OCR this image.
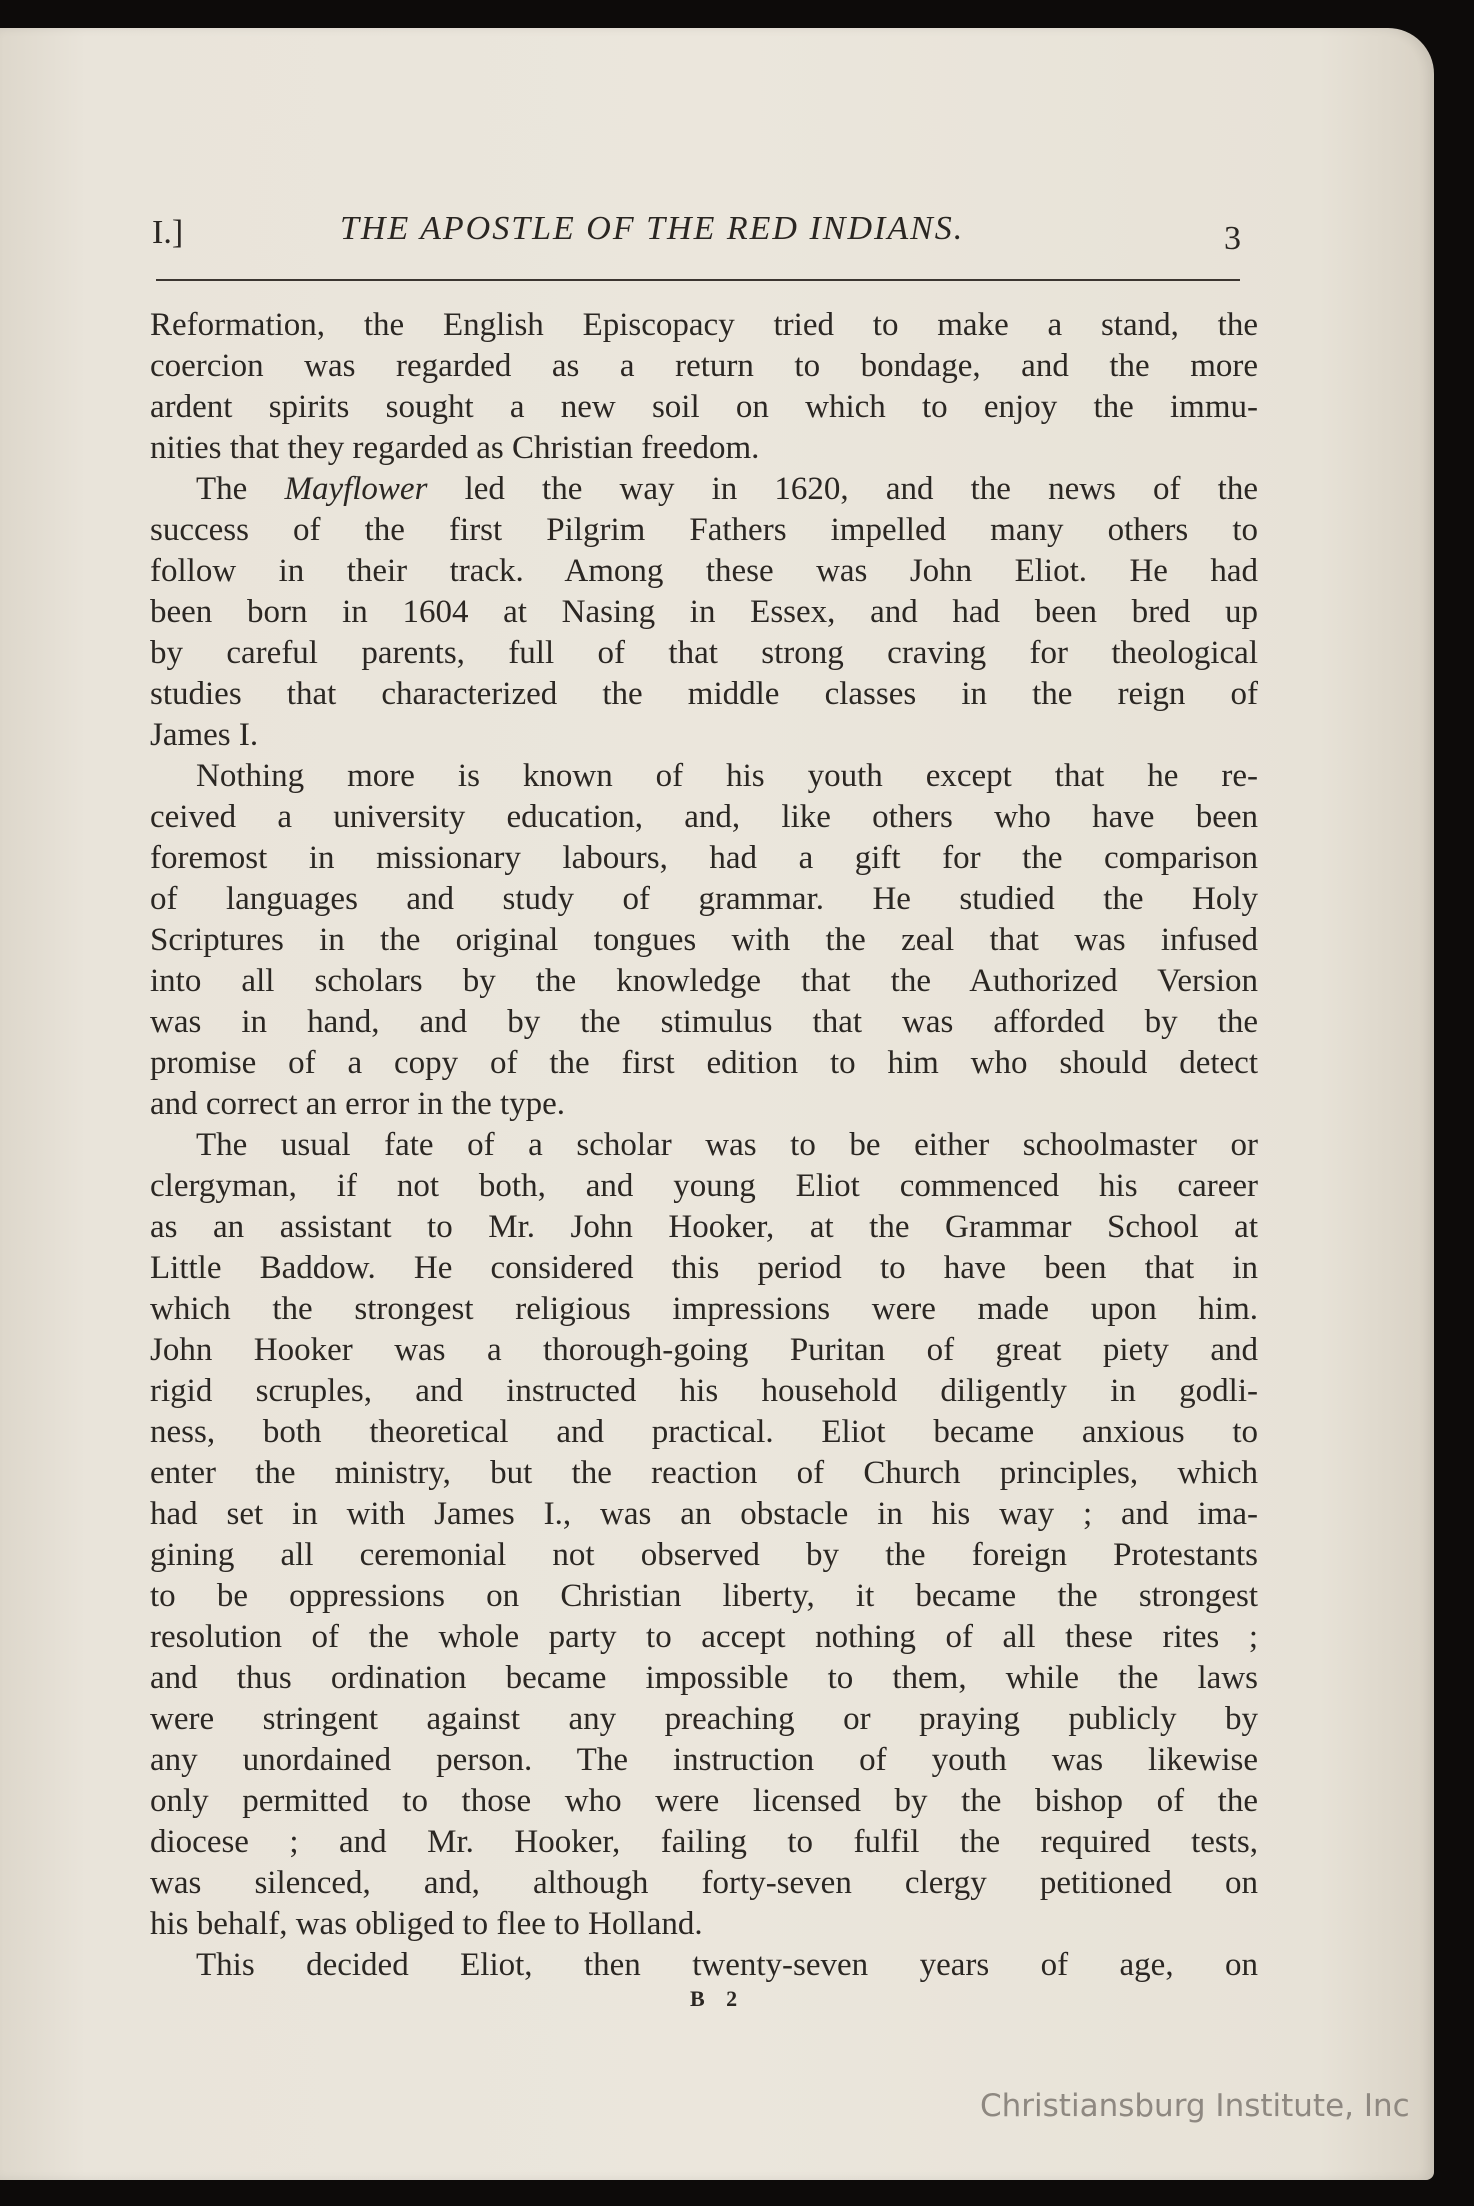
I.]	THE APOSTLE OF THE RED INDIANS.	3
Reformation, the English Episcopacy tried to make a stand, the
coercion was regarded as a return to bondage, and the more
ardent spirits sought a new soil on which to enjoy the immu-
nities that they regarded as Christian freedom.
The Mayflower led the way in 1620, and the news of the
success of the first Pilgrim Fathers impelled many others to
follow in their track. Among these was John Eliot. He had
been born in 1604 at Nasing in Essex, and had been bred up
by careful parents, full of that strong craving for theological
studies that characterized the middle classes in the reign of
James I.
Nothing more is known of his youth except that he re-
ceived a university education, and, like others who have been
foremost in missionary labours, had a gift for the comparison
of languages and study of grammar. He studied the Holy
Scriptures in the original tongues with the zeal that was infused
into all scholars by the knowledge that the Authorized Version
was in hand, and by the stimulus that was afforded by the
promise of a copy of the first edition to him who should detect
and correct an error in the type.
The usual fate of a scholar was to be either schoolmaster or
clergyman, if not both, and young Eliot commenced his career
as an assistant to Mr. John Hooker, at the Grammar School at
Little Baddow. He considered this period to have been that in
which the strongest religious impressions were made upon him.
John Hooker was a thorough-going Puritan of great piety and
rigid scruples, and instructed his household diligently in godli-
ness, both theoretical and practical. Eliot became anxious to
enter the ministry, but the reaction of Church principles, which
had set in with James I., was an obstacle in his way ; and ima-
gining all ceremonial not observed by the foreign Protestants
to be oppressions on Christian liberty, it became the strongest
resolution of the whole party to accept nothing of all these rites ;
and thus ordination became impossible to them, while the laws
were stringent against any preaching or praying publicly by
any unordained person. The instruction of youth was likewise
only permitted to those who were licensed by the bishop of the
diocese ; and Mr. Hooker, failing to fulfil the required tests,
was silenced, and, although forty-seven clergy petitioned on
his behalf, was obliged to flee to Holland.
This decided Eliot, then twenty-seven years of age, on
B 2
Christiansburg Institute, Inc
